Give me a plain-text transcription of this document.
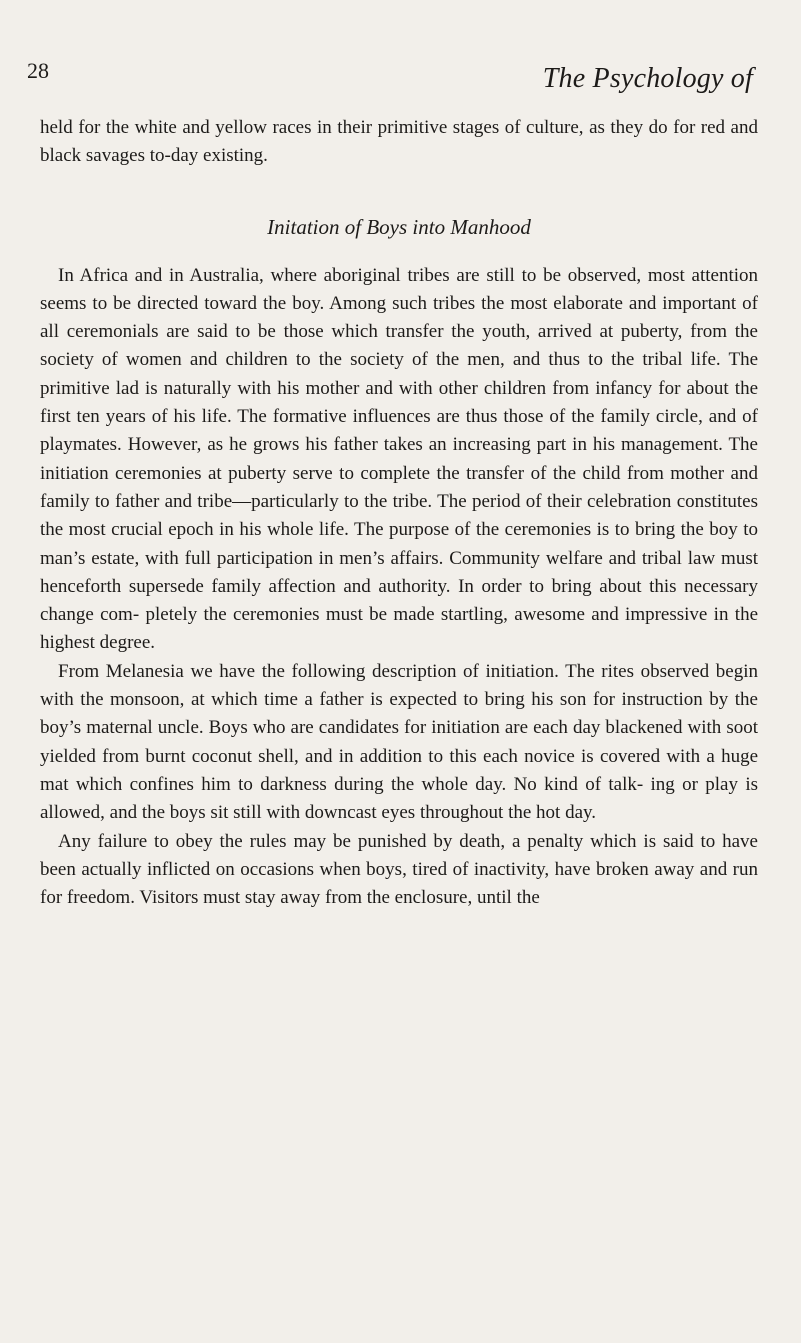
28	The Psychology of

held for the white and yellow races in their primitive stages of culture, as they do for red and black savages to-day existing.

Initation of Boys into Manhood

In Africa and in Australia, where aboriginal tribes are still to be observed, most attention seems to be directed toward the boy. Among such tribes the most elaborate and important of all ceremonials are said to be those which transfer the youth, arrived at puberty, from the society of women and children to the society of the men, and thus to the tribal life. The primitive lad is naturally with his mother and with other children from infancy for about the first ten years of his life. The formative influences are thus those of the family circle, and of playmates. However, as he grows his father takes an increasing part in his management. The initiation ceremonies at puberty serve to complete the transfer of the child from mother and family to father and tribe—particularly to the tribe. The period of their celebration constitutes the most crucial epoch in his whole life. The purpose of the ceremonies is to bring the boy to man’s estate, with full participation in men’s affairs. Community welfare and tribal law must henceforth supersede family affection and authority. In order to bring about this necessary change com- pletely the ceremonies must be made startling, awesome and impressive in the highest degree.

From Melanesia we have the following description of initiation. The rites observed begin with the monsoon, at which time a father is expected to bring his son for instruction by the boy’s maternal uncle. Boys who are candidates for initiation are each day blackened with soot yielded from burnt coconut shell, and in addition to this each novice is covered with a huge mat which confines him to darkness during the whole day. No kind of talk- ing or play is allowed, and the boys sit still with downcast eyes throughout the hot day.

Any failure to obey the rules may be punished by death, a penalty which is said to have been actually inflicted on occasions when boys, tired of inactivity, have broken away and run for freedom. Visitors must stay away from the enclosure, until the
